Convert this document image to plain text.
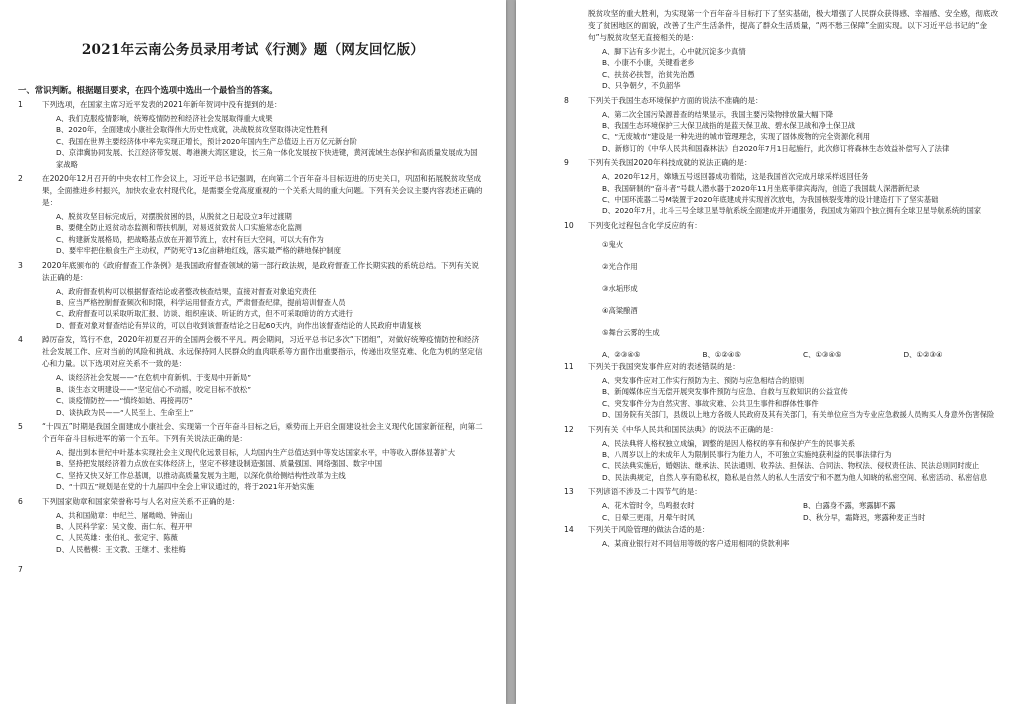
2021年云南公务员录用考试《行测》题（网友回忆版）
一、常识判断。根据题目要求，在四个选项中选出一个最恰当的答案。
1	下列选项，在国家主席习近平发表的2021年新年贺词中没有提到的是：
A、我们克服疫情影响，统筹疫情防控和经济社会发展取得重大成果
B、2020年，全面建成小康社会取得伟大历史性成就，决战脱贫攻坚取得决定性胜利
C、我国在世界主要经济体中率先实现正增长，预计2020年国内生产总值迈上百万亿元新台阶
D、京津冀协同发展、长江经济带发展、粤港澳大湾区建设，长三角一体化发展按下快进键，黄河流域生态保护和高质量发展成为国家战略
2	在2020年12月召开的中央农村工作会议上，习近平总书记强调，在向第二个百年奋斗目标迈进的历史关口，巩固和拓展脱贫攻坚成果，全面推进乡村振兴，加快农业农村现代化，是需要全党高度重视的一个关系大局的重大问题。下列有关会议主要内容表述正确的是：
A、脱贫攻坚目标完成后，对摆脱贫困的县，从脱贫之日起设立3年过渡期
B、要健全防止返贫动态监测和帮扶机制，对易返贫致贫人口实施常态化监测
C、构建新发展格局，把战略基点放在开源节流上，农村有巨大空间，可以大有作为
D、要牢牢把住粮食生产主动权，严防死守13亿亩耕地红线，落实最严格的耕地保护制度
3	2020年底颁布的《政府督查工作条例》是我国政府督查领域的第一部行政法规，是政府督查工作长期实践的系统总结。下列有关说法正确的是：
A、政府督查机构可以根据督查结论或者整改核查结果，直接对督查对象追究责任
B、应当严格控制督查频次和时限，科学运用督查方式，严肃督查纪律，提前培训督查人员
C、政府督查可以采取听取汇报、访谈、组织座谈、听证的方式，但不可采取暗访的方式进行
D、督查对象对督查结论有异议的，可以自收到该督查结论之日起60天内，向作出该督查结论的人民政府申请复核
4	踔厉奋发，笃行不怠，2020年初夏召开的全国两会极不平凡。两会期间，习近平总书记多次“下团组”，对做好统筹疫情防控和经济社会发展工作、应对当前的风险和挑战、永远保持同人民群众的血肉联系等方面作出重要指示，传递出攻坚克难、化危为机的坚定信心和力量。以下选项对应关系不一致的是：
A、谈经济社会发展——“在危机中育新机、于变局中开新局”
B、谈生态文明建设——“坚定信心不动摇，咬定目标不放松”
C、谈疫情防控——“慎终如始、再接再厉”
D、谈执政为民——“人民至上、生命至上”
5	“十四五”时期是我国全面建成小康社会、实现第一个百年奋斗目标之后，乘势而上开启全面建设社会主义现代化国家新征程，向第二个百年奋斗目标进军的第一个五年。下列有关说法正确的是：
A、提出到本世纪中叶基本实现社会主义现代化远景目标，人均国内生产总值达到中等发达国家水平，中等收入群体显著扩大
B、坚持把发展经济着力点放在实体经济上，坚定不移建设制造强国、质量强国、网络强国、数字中国
C、坚持又快又好工作总基调，以推动高质量发展为主题，以深化供给侧结构性改革为主线
D、“十四五”规划是在党的十九届四中全会上审议通过的，将于2021年开始实施
6	下列国家勋章和国家荣誉称号与人名对应关系不正确的是：
A、共和国勋章：申纪兰、屠呦呦、钟南山
B、人民科学家：吴文俊、南仁东、程开甲
C、人民英雄：张伯礼、张定宇、陈薇
D、人民楷模：王文教、王继才、张桂梅
7
脱贫攻坚的重大胜利，为实现第一个百年奋斗目标打下了坚实基础，极大增强了人民群众获得感、幸福感、安全感，彻底改变了贫困地区的面貌，改善了生产生活条件，提高了群众生活质量，“两不愁三保障”全面实现。以下习近平总书记的“金句”与脱贫攻坚无直接相关的是：
A、脚下沾有多少泥土，心中就沉淀多少真情
B、小康不小康，关键看老乡
C、扶贫必扶智，治贫先治愚
D、只争朝夕，不负韶华
8	下列关于我国生态环境保护方面的说法不准确的是：
A、第二次全国污染源普查的结果显示，我国主要污染物排放量大幅下降
B、我国生态环境保护三大保卫战指的是蓝天保卫战、碧水保卫战和净土保卫战
C、“无废城市”建设是一种先进的城市管理理念，实现了固体废物的完全资源化利用
D、新修订的《中华人民共和国森林法》自2020年7月1日起施行，此次修订将森林生态效益补偿写入了法律
9	下列有关我国2020年科技成就的说法正确的是：
A、2020年12月，嫦娥五号返回器成功着陆，这是我国首次完成月球采样返回任务
B、我国研制的“奋斗者”号载人潜水器于2020年11月坐底菲律宾海沟，创造了我国载人深潜新纪录
C、中国环流器二号M装置于2020年底建成并实现首次放电，为我国核裂变堆的设计建造打下了坚实基础
D、2020年7月，北斗三号全球卫星导航系统全面建成并开通服务，我国成为第四个独立拥有全球卫星导航系统的国家
10 下列变化过程包含化学反应的有：
①鬼火
②光合作用
③水垢形成
④高粱酿酒
⑤舞台云雾的生成
A、②③④⑤	B、①②④⑤	C、①③④⑤	D、①②③④
11 下列关于我国突发事件应对的表述错误的是：
A、突发事件应对工作实行预防为主、预防与应急相结合的原则
B、新闻媒体应当无偿开展突发事件预防与应急、自救与互救知识的公益宣传
C、突发事件分为自然灾害、事故灾难、公共卫生事件和群体性事件
D、国务院有关部门，县级以上地方各级人民政府及其有关部门，有关单位应当为专业应急救援人员购买人身意外伤害保险
12 下列有关《中华人民共和国民法典》的说法不正确的是：
A、民法典将人格权独立成编，调整的是因人格权的享有和保护产生的民事关系
B、八周岁以上的未成年人为限制民事行为能力人，不可独立实施纯获利益的民事法律行为
C、民法典实施后，婚姻法、继承法、民法通则、收养法、担保法、合同法、物权法、侵权责任法、民法总则同时废止
D、民法典规定，自然人享有隐私权，隐私是自然人的私人生活安宁和不愿为他人知晓的私密空间、私密活动、私密信息
13 下列谚语不涉及二十四节气的是：
A、花木管时令，鸟鸣报农时	B、白露身不露，寒露脚不露
C、日晕三更雨，月晕午时风	D、秋分早，霜降迟，寒露种麦正当时
14 下列关于风险管理的做法合适的是：
A、某商业银行对不同信用等级的客户适用相同的贷款利率
